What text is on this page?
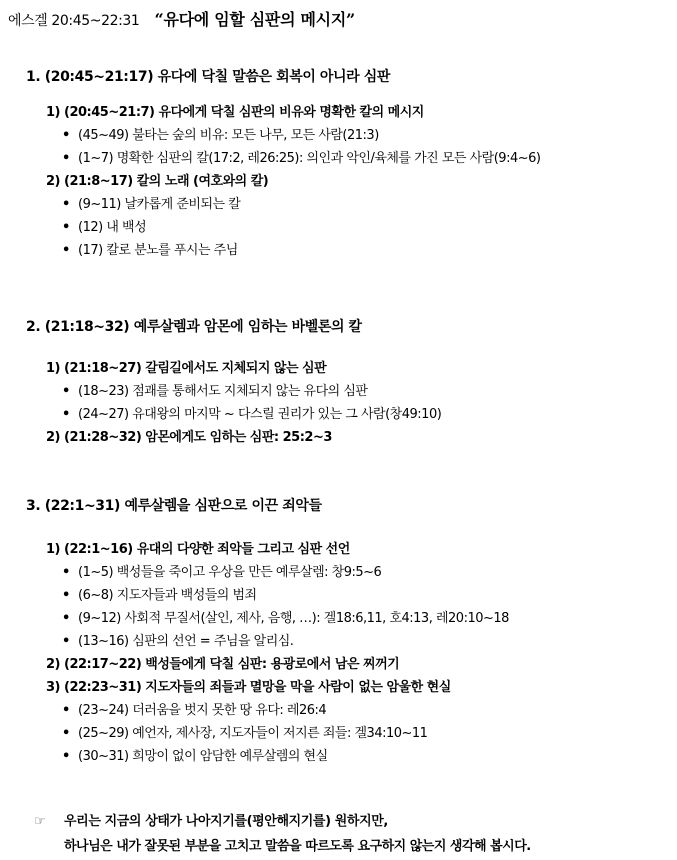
에스겔 20:45~22:31 “유다에 임할 심판의 메시지”
1. (20:45~21:17) 유다에 닥칠 말씀은 회복이 아니라 심판
1) (20:45~21:7) 유다에게 닥칠 심판의 비유와 명확한 칼의 메시지
• (45~49) 불타는 숲의 비유: 모든 나무, 모든 사람(21:3)
• (1~7) 명확한 심판의 칼(17:2, 레26:25): 의인과 악인/육체를 가진 모든 사람(9:4~6)
2) (21:8~17) 칼의 노래 (여호와의 칼)
• (9~11) 날카롭게 준비되는 칼
• (12) 내 백성
• (17) 칼로 분노를 푸시는 주님
2. (21:18~32) 예루살렘과 암몬에 임하는 바벨론의 칼
1) (21:18~27) 갈림길에서도 지체되지 않는 심판
• (18~23) 점괘를 통해서도 지체되지 않는 유다의 심판
• (24~27) 유대왕의 마지막 ~ 다스릴 권리가 있는 그 사람(창49:10)
2) (21:28~32) 암몬에게도 임하는 심판: 25:2~3
3. (22:1~31) 예루살렘을 심판으로 이끈 죄악들
1) (22:1~16) 유대의 다양한 죄악들 그리고 심판 선언
• (1~5) 백성들을 죽이고 우상을 만든 예루살렘: 창9:5~6
• (6~8) 지도자들과 백성들의 범죄
• (9~12) 사회적 무질서(살인, 제사, 음행, …): 겔18:6,11, 호4:13, 레20:10~18
• (13~16) 심판의 선언 = 주님을 알리심.
2) (22:17~22) 백성들에게 닥칠 심판: 용광로에서 남은 찌꺼기
3) (22:23~31) 지도자들의 죄들과 멸망을 막을 사람이 없는 암울한 현실
• (23~24) 더러움을 벗지 못한 땅 유다: 레26:4
• (25~29) 예언자, 제사장, 지도자들이 저지른 죄들: 겔34:10~11
• (30~31) 희망이 없이 암담한 예루살렘의 현실
☞ 우리는 지금의 상태가 나아지기를(평안해지기를) 원하지만,
하나님은 내가 잘못된 부분을 고치고 말씀을 따르도록 요구하지 않는지 생각해 봅시다.
